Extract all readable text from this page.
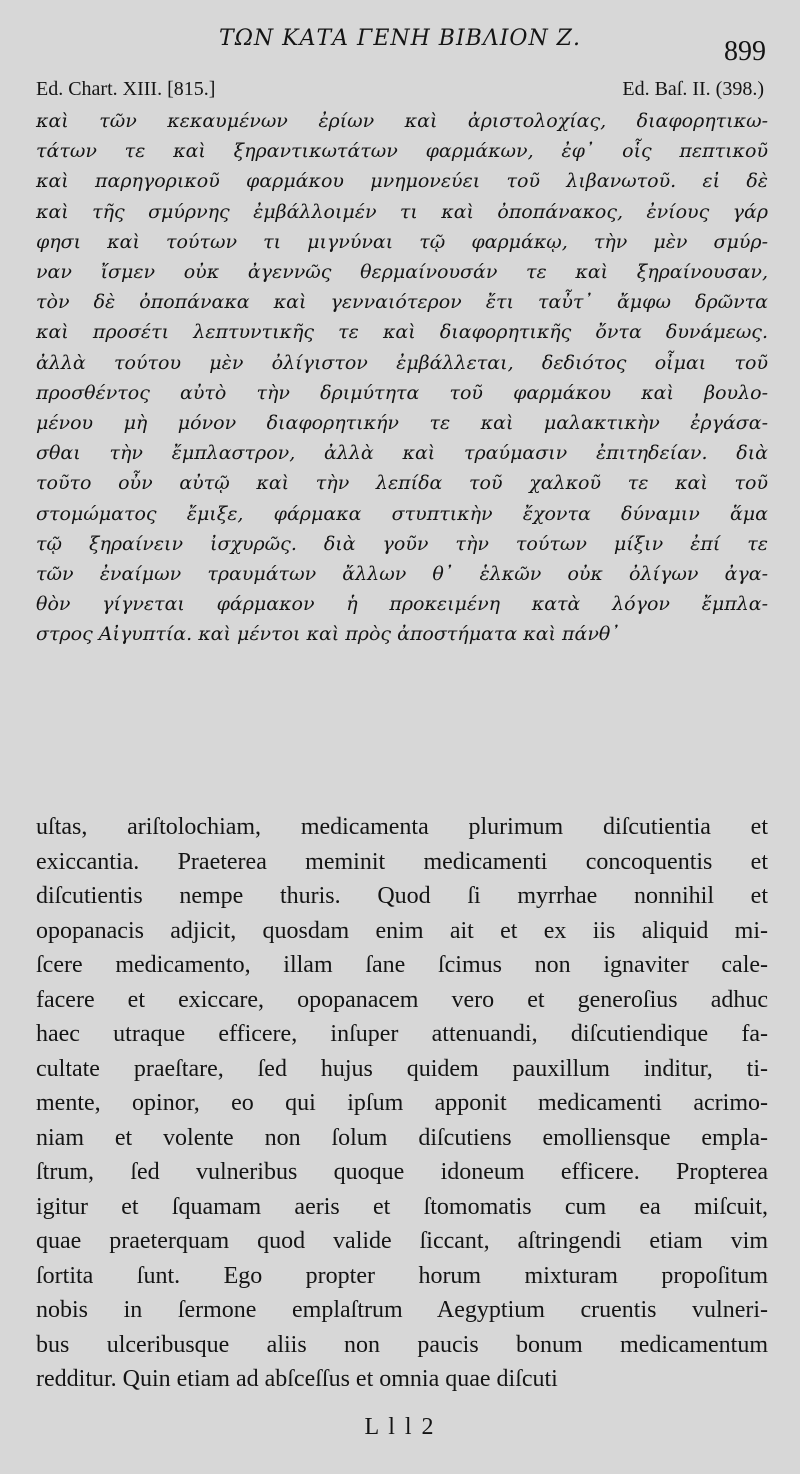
ΤΩΝ ΚΑΤΑ ΓΕΝΗ ΒΙΒΛΙΟΝ Ζ.	899
Ed. Chart. XIII. [815.]	Ed. Baſ. II. (398.)
καὶ τῶν κεκαυμένων ἐρίων καὶ ἀριστολοχίας, διαφορητικω-
τάτων τε καὶ ξηραντικωτάτων φαρμάκων, ἐφ᾽ οἷς πεπτικοῦ
καὶ παρηγορικοῦ φαρμάκου μνημονεύει τοῦ λιβανωτοῦ. εἰ δὲ
καὶ τῆς σμύρνης ἐμβάλλοιμέν τι καὶ ὀποπάνακος, ἐνίους γάρ
φησι καὶ τούτων τι μιγνύναι τῷ φαρμάκῳ, τὴν μὲν σμύρ-
ναν ἴσμεν οὐκ ἀγεννῶς θερμαίνουσάν τε καὶ ξηραίνουσαν,
τὸν δὲ ὀποπάνακα καὶ γενναιότερον ἔτι ταὖτ᾽ ἄμφω δρῶντα
καὶ προσέτι λεπτυντικῆς τε καὶ διαφορητικῆς ὄντα δυνάμεως.
ἀλλὰ τούτου μὲν ὀλίγιστον ἐμβάλλεται, δεδιότος οἶμαι τοῦ
προσθέντος αὐτὸ τὴν δριμύτητα τοῦ φαρμάκου καὶ βουλο-
μένου μὴ μόνον διαφορητικήν τε καὶ μαλακτικὴν ἐργάσα-
σθαι τὴν ἔμπλαστρον, ἀλλὰ καὶ τραύμασιν ἐπιτηδείαν. διὰ
τοῦτο οὖν αὐτῷ καὶ τὴν λεπίδα τοῦ χαλκοῦ τε καὶ τοῦ
στομώματος ἔμιξε, φάρμακα στυπτικὴν ἔχοντα δύναμιν ἅμα
τῷ ξηραίνειν ἰσχυρῶς. διὰ γοῦν τὴν τούτων μίξιν ἐπί τε
τῶν ἐναίμων τραυμάτων ἄλλων θ᾽ ἑλκῶν οὐκ ὀλίγων ἀγα-
θὸν γίγνεται φάρμακον ἡ προκειμένη κατὰ λόγον ἔμπλα-
στρος Αἰγυπτία. καὶ μέντοι καὶ πρὸς ἀποστήματα καὶ πάνθ᾽
uſtas, ariſtolochiam, medicamenta plurimum diſcutientia et
exiccantia. Praeterea meminit medicamenti concoquentis et
diſcutientis nempe thuris. Quod ſi myrrhae nonnihil et
opopanacis adjicit, quosdam enim ait et ex iis aliquid mi-
ſcere medicamento, illam ſane ſcimus non ignaviter cale-
facere et exiccare, opopanacem vero et generoſius adhuc
haec utraque efficere, inſuper attenuandi, diſcutiendique fa-
cultate praeſtare, ſed hujus quidem pauxillum inditur, ti-
mente, opinor, eo qui ipſum apponit medicamenti acrimo-
niam et volente non ſolum diſcutiens emolliensque empla-
ſtrum, ſed vulneribus quoque idoneum efficere. Propterea
igitur et ſquamam aeris et ſtomomatis cum ea miſcuit,
quae praeterquam quod valide ſiccant, aſtringendi etiam vim
ſortita ſunt. Ego propter horum mixturam propoſitum
nobis in ſermone emplaſtrum Aegyptium cruentis vulneri-
bus ulceribusque aliis non paucis bonum medicamentum
redditur. Quin etiam ad abſceſſus et omnia quae diſcuti
L l l 2
